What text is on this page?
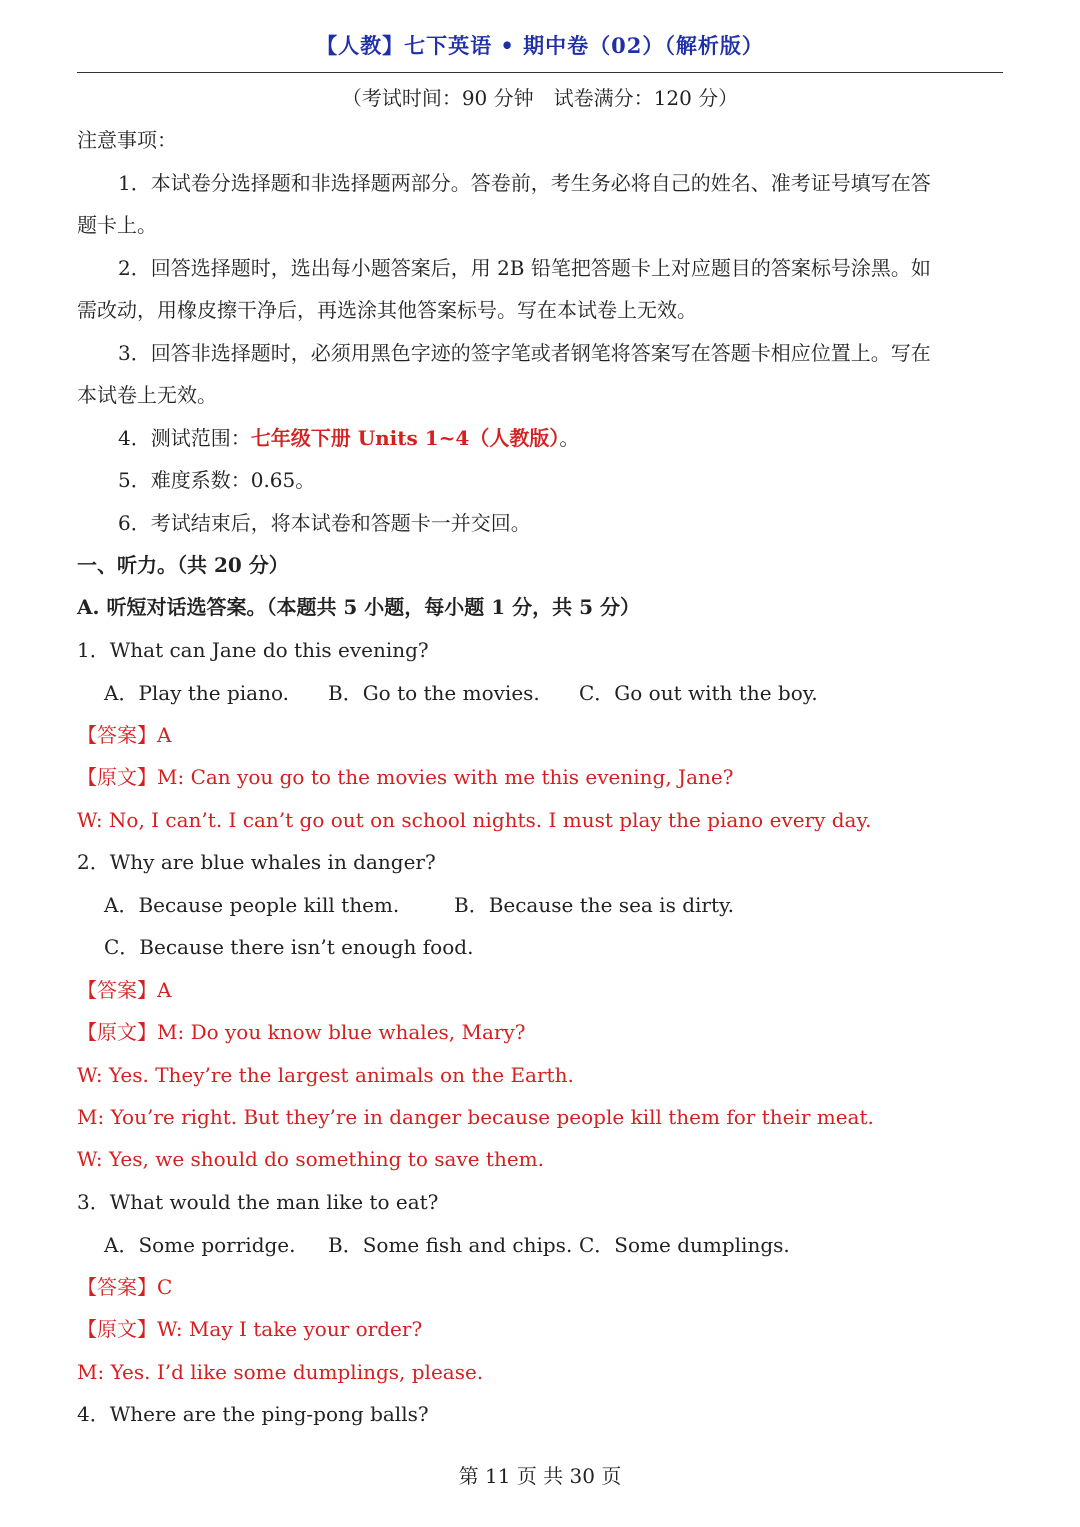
【人教】七下英语 • 期中卷（02）（解析版）
（考试时间：90 分钟　试卷满分：120 分）
注意事项：
1．本试卷分选择题和非选择题两部分。答卷前，考生务必将自己的姓名、准考证号填写在答
题卡上。
2．回答选择题时，选出每小题答案后，用 2B 铅笔把答题卡上对应题目的答案标号涂黑。如
需改动，用橡皮擦干净后，再选涂其他答案标号。写在本试卷上无效。
3．回答非选择题时，必须用黑色字迹的签字笔或者钢笔将答案写在答题卡相应位置上。写在
本试卷上无效。
4．测试范围：七年级下册 Units 1~4（人教版）。
5．难度系数：0.65。
6．考试结束后，将本试卷和答题卡一并交回。
一、听力。（共 20 分）
A. 听短对话选答案。（本题共 5 小题，每小题 1 分，共 5 分）
1．What can Jane do this evening?
A．Play the piano. B．Go to the movies. C．Go out with the boy.
【答案】A
【原文】M: Can you go to the movies with me this evening, Jane?
W: No, I can’t. I can’t go out on school nights. I must play the piano every day.
2．Why are blue whales in danger?
A．Because people kill them.	B．Because the sea is dirty.
C．Because there isn’t enough food.
【答案】A
【原文】M: Do you know blue whales, Mary?
W: Yes. They’re the largest animals on the Earth.
M: You’re right. But they’re in danger because people kill them for their meat.
W: Yes, we should do something to save them.
3．What would the man like to eat?
A．Some porridge. B．Some fish and chips. C．Some dumplings.
【答案】C
【原文】W: May I take your order?
M: Yes. I’d like some dumplings, please.
4．Where are the ping-pong balls?
第 11 页 共 30 页
